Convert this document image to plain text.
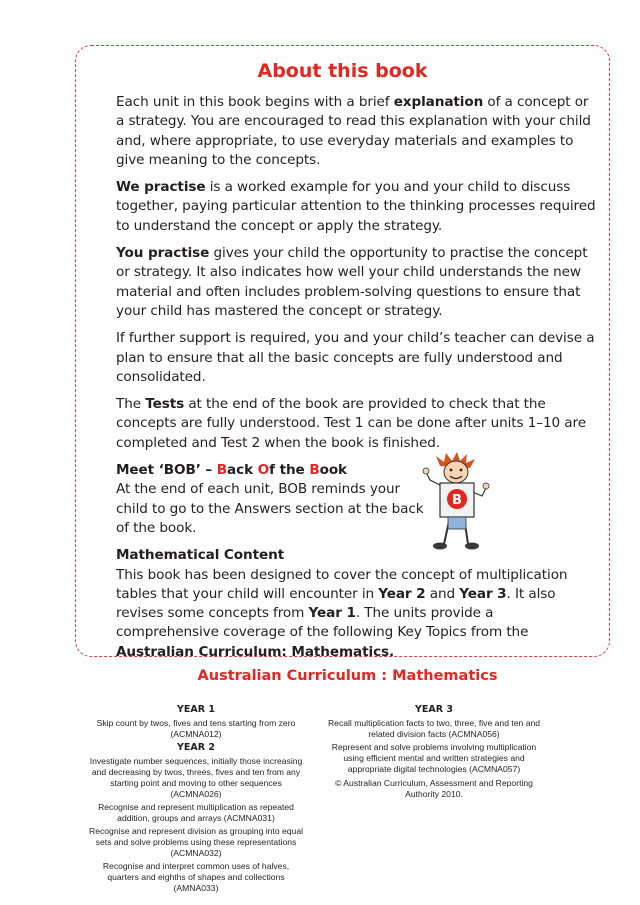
About this book

Each unit in this book begins with a brief explanation of a concept or a strategy. You are encouraged to read this explanation with your child and, where appropriate, to use everyday materials and examples to give meaning to the concepts.

We practise is a worked example for you and your child to discuss together, paying particular attention to the thinking processes required to understand the concept or apply the strategy.

You practise gives your child the opportunity to practise the concept or strategy. It also indicates how well your child understands the new material and often includes problem-solving questions to ensure that your child has mastered the concept or strategy.

If further support is required, you and your child’s teacher can devise a plan to ensure that all the basic concepts are fully understood and consolidated.

The Tests at the end of the book are provided to check that the concepts are fully understood. Test 1 can be done after units 1–10 are completed and Test 2 when the book is finished.

Meet ‘BOB’ – Back Of the Book

At the end of each unit, BOB reminds your child to go to the Answers section at the back of the book.

Mathematical Content

This book has been designed to cover the concept of multiplication tables that your child will encounter in Year 2 and Year 3. It also revises some concepts from Year 1. The units provide a comprehensive coverage of the following Key Topics from the Australian Curriculum: Mathematics.

B
Australian Curriculum : Mathematics
YEAR 1

Skip count by twos, fives and tens starting from zero (ACMNA012)

YEAR 2

Investigate number sequences, initially those increasing and decreasing by twos, threes, fives and ten from any starting point and moving to other sequences (ACMNA026)

Recognise and represent multiplication as repeated addition, groups and arrays (ACMNA031)

Recognise and represent division as grouping into equal sets and solve problems using these representations (ACMNA032)

Recognise and interpret common uses of halves, quarters and eighths of shapes and collections (AMNA033)

YEAR 3

Recall multiplication facts to two, three, five and ten and related division facts (ACMNA056)

Represent and solve problems involving multiplication using efficient mental and written strategies and appropriate digital technologies (ACMNA057)

© Australian Curriculum, Assessment and Reporting Authority 2010.
